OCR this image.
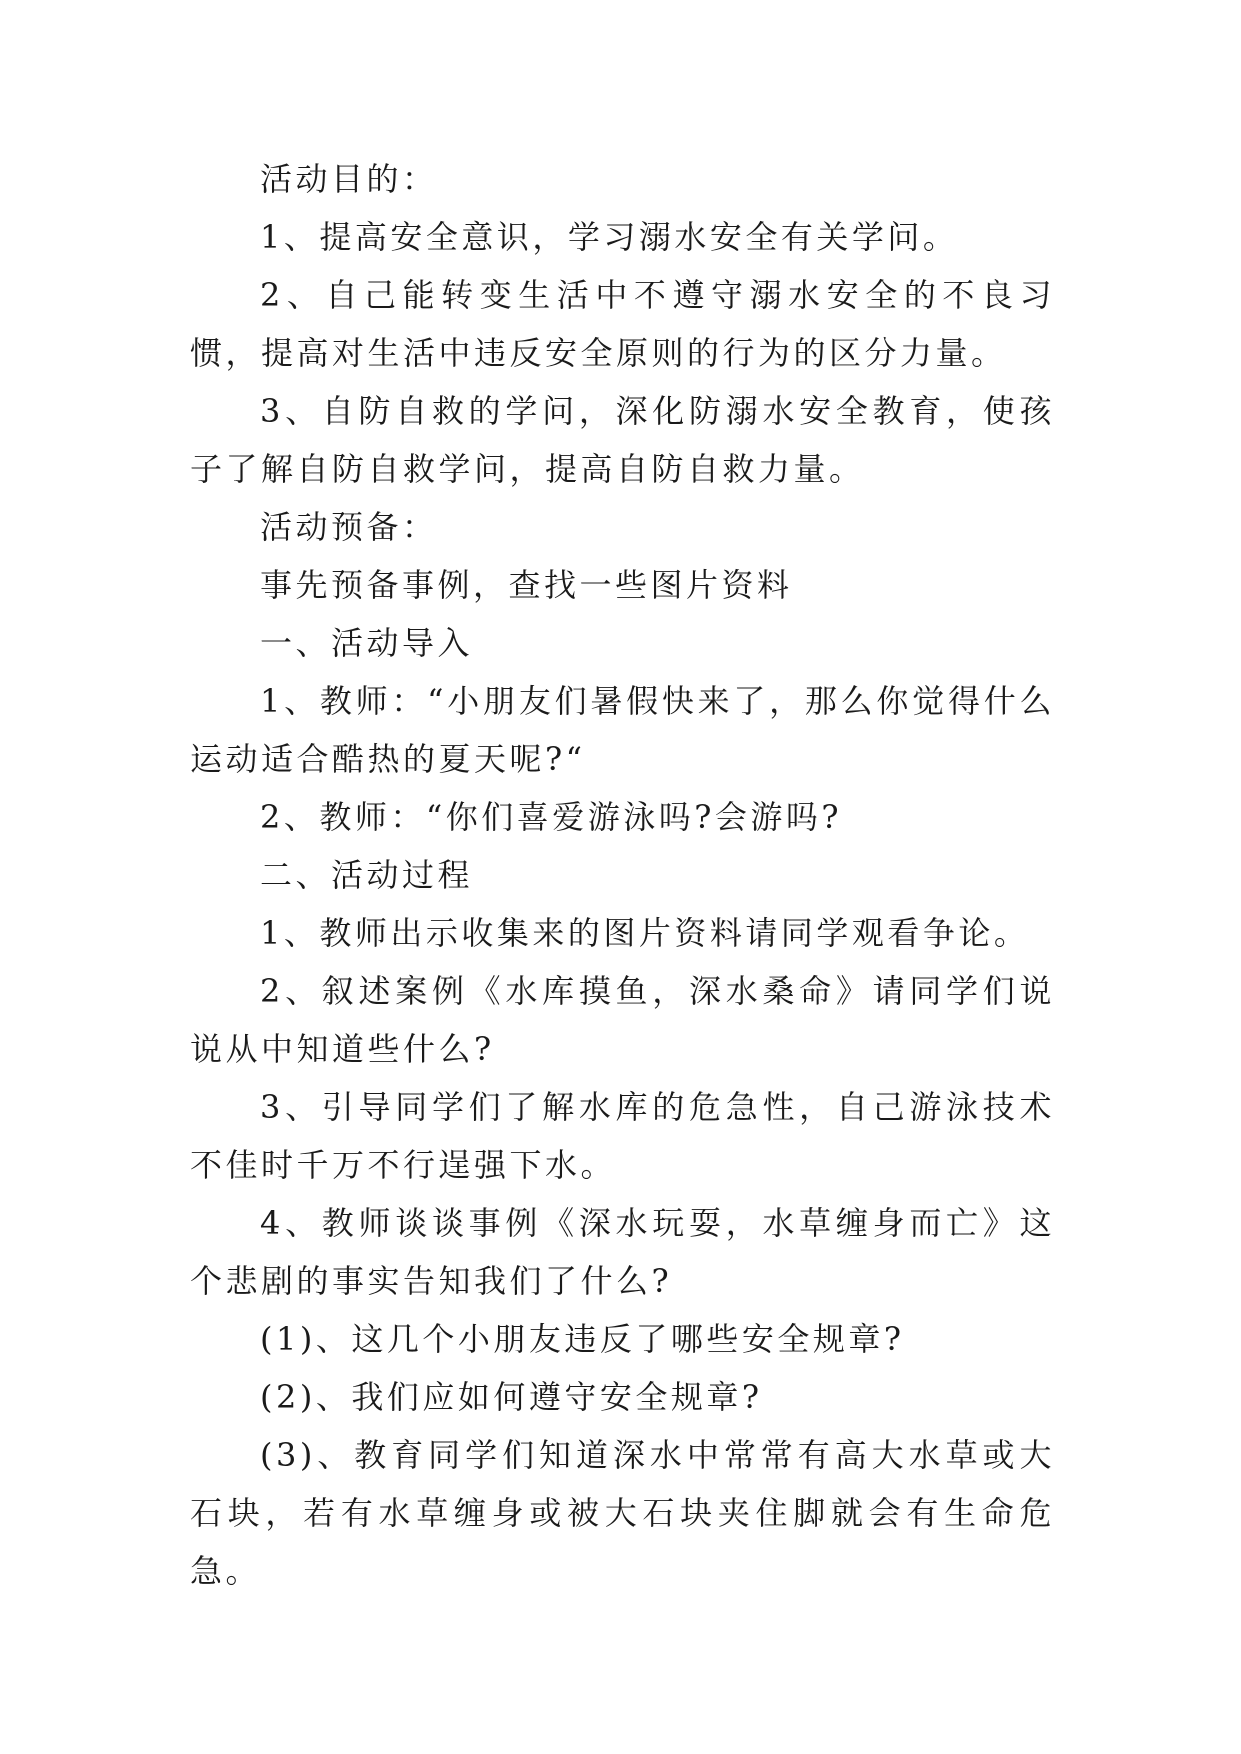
活动目的：

1、提高安全意识，学习溺水安全有关学问。

2、自己能转变生活中不遵守溺水安全的不良习惯，提高对生活中违反安全原则的行为的区分力量。

3、自防自救的学问，深化防溺水安全教育，使孩子了解自防自救学问，提高自防自救力量。

活动预备：

事先预备事例，查找一些图片资料

一、活动导入

1、教师：“小朋友们暑假快来了，那么你觉得什么运动适合酷热的夏天呢?“

2、教师：“你们喜爱游泳吗?会游吗?

二、活动过程

1、教师出示收集来的图片资料请同学观看争论。

2、叙述案例《水库摸鱼，深水桑命》请同学们说说从中知道些什么?

3、引导同学们了解水库的危急性，自己游泳技术不佳时千万不行逞强下水。

4、教师谈谈事例《深水玩耍，水草缠身而亡》这个悲剧的事实告知我们了什么?

(1)、这几个小朋友违反了哪些安全规章?

(2)、我们应如何遵守安全规章?

(3)、教育同学们知道深水中常常有高大水草或大石块，若有水草缠身或被大石块夹住脚就会有生命危急。
